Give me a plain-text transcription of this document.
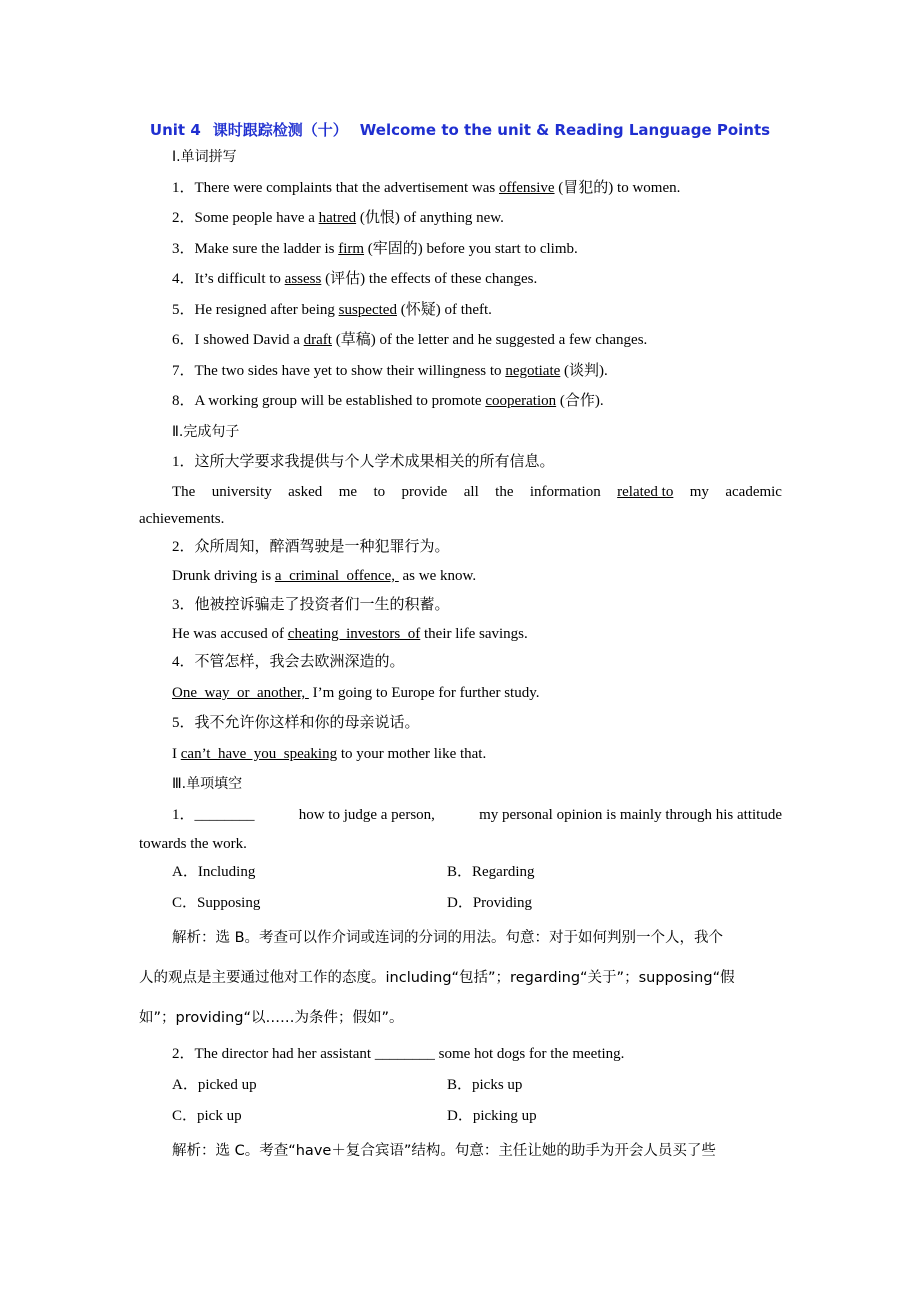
Unit 4 课时跟踪检测（十） Welcome to the unit & Reading Language Points
Ⅰ.单词拼写
1．There were complaints that the advertisement was offensive (冒犯的) to women.
2．Some people have a hatred (仇恨) of anything new.
3．Make sure the ladder is firm (牢固的) before you start to climb.
4．It’s difficult to assess (评估) the effects of these changes.
5．He resigned after being suspected (怀疑) of theft.
6．I showed David a draft (草稿) of the letter and he suggested a few changes.
7．The two sides have yet to show their willingness to negotiate (谈判).
8．A working group will be established to promote cooperation (合作).
Ⅱ.完成句子
1．这所大学要求我提供与个人学术成果相关的所有信息。
The university asked me to provide all the information related to my academic
achievements.
2．众所周知，醉酒驾驶是一种犯罪行为。
Drunk driving is a  criminal  offence,  as we know.
3．他被控诉骗走了投资者们一生的积蓄。
He was accused of cheating  investors  of their life savings.
4．不管怎样，我会去欧洲深造的。
One  way  or  another,  I’m going to Europe for further study.
5．我不允许你这样和你的母亲说话。
I can’t  have  you  speaking to your mother like that.
Ⅲ.单项填空
1．________	how to judge a person,	my personal opinion is mainly through his attitude
towards the work.
A．Including	B．Regarding
C．Supposing	D．Providing
解析：选 B。考查可以作介词或连词的分词的用法。句意：对于如何判别一个人，我个
人的观点是主要通过他对工作的态度。including“包括”；regarding“关于”；supposing“假
如”；providing“以……为条件；假如”。
2．The director had her assistant ________ some hot dogs for the meeting.
A．picked up	B．picks up
C．pick up	D．picking up
解析：选 C。考查“have＋复合宾语”结构。句意：主任让她的助手为开会人员买了些
